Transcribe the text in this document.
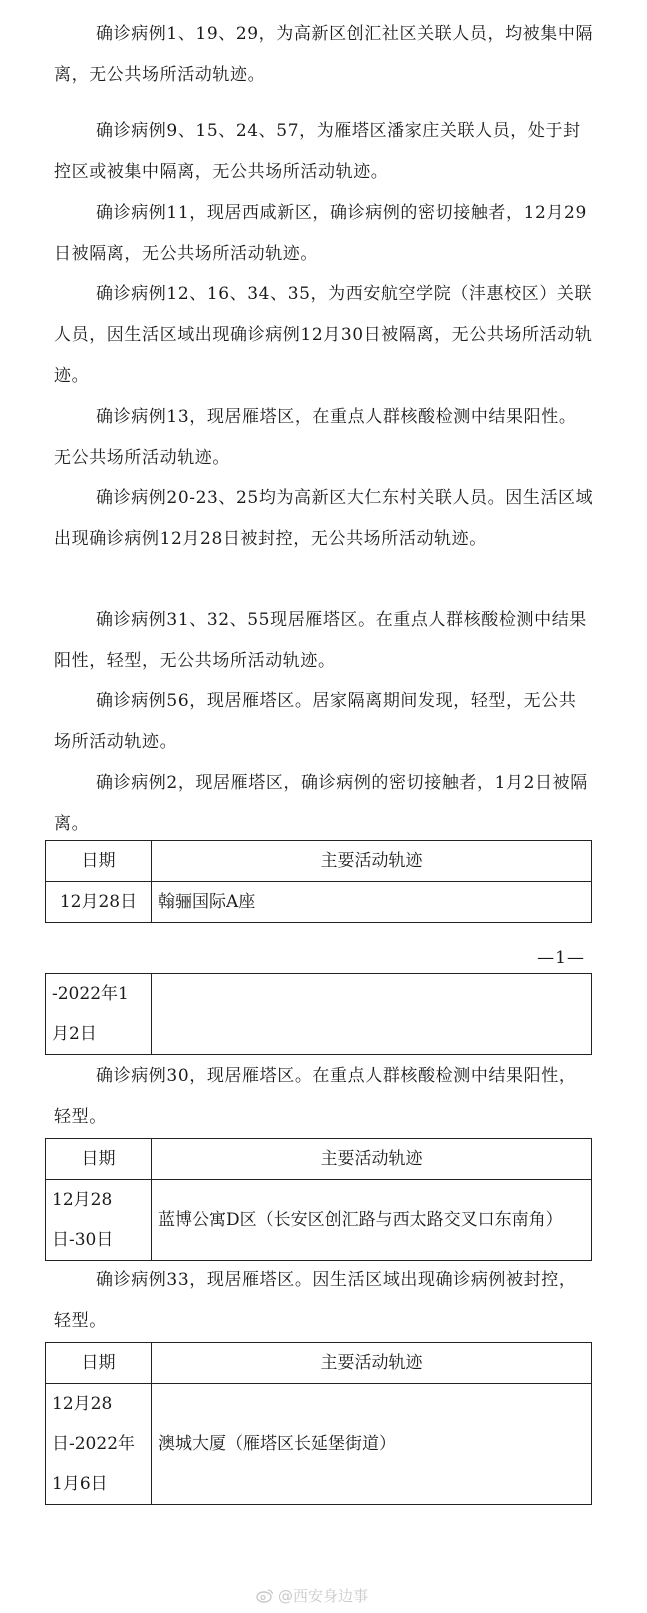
确诊病例1、19、29，为高新区创汇社区关联人员，均被集中隔离，无公共场所活动轨迹。

确诊病例9、15、24、57，为雁塔区潘家庄关联人员，处于封控区或被集中隔离，无公共场所活动轨迹。

确诊病例11，现居西咸新区，确诊病例的密切接触者，12月29日被隔离，无公共场所活动轨迹。

确诊病例12、16、34、35，为西安航空学院（沣惠校区）关联人员，因生活区域出现确诊病例12月30日被隔离，无公共场所活动轨迹。

确诊病例13，现居雁塔区，在重点人群核酸检测中结果阳性。无公共场所活动轨迹。

确诊病例20-23、25均为高新区大仁东村关联人员。因生活区域出现确诊病例12月28日被封控，无公共场所活动轨迹。

确诊病例31、32、55现居雁塔区。在重点人群核酸检测中结果阳性，轻型，无公共场所活动轨迹。

确诊病例56，现居雁塔区。居家隔离期间发现，轻型，无公共场所活动轨迹。

确诊病例2，现居雁塔区，确诊病例的密切接触者，1月2日被隔离。

日期	主要活动轨迹
12月28日	翰骊国际A座
—1—
-2022年1月2日	

确诊病例30，现居雁塔区。在重点人群核酸检测中结果阳性，轻型。

日期	主要活动轨迹
12月28日-30日	蓝博公寓D区（长安区创汇路与西太路交叉口东南角）

确诊病例33，现居雁塔区。因生活区域出现确诊病例被封控，轻型。

日期	主要活动轨迹
12月28日-2022年1月6日	澳城大厦（雁塔区长延堡街道）
@西安身边事
